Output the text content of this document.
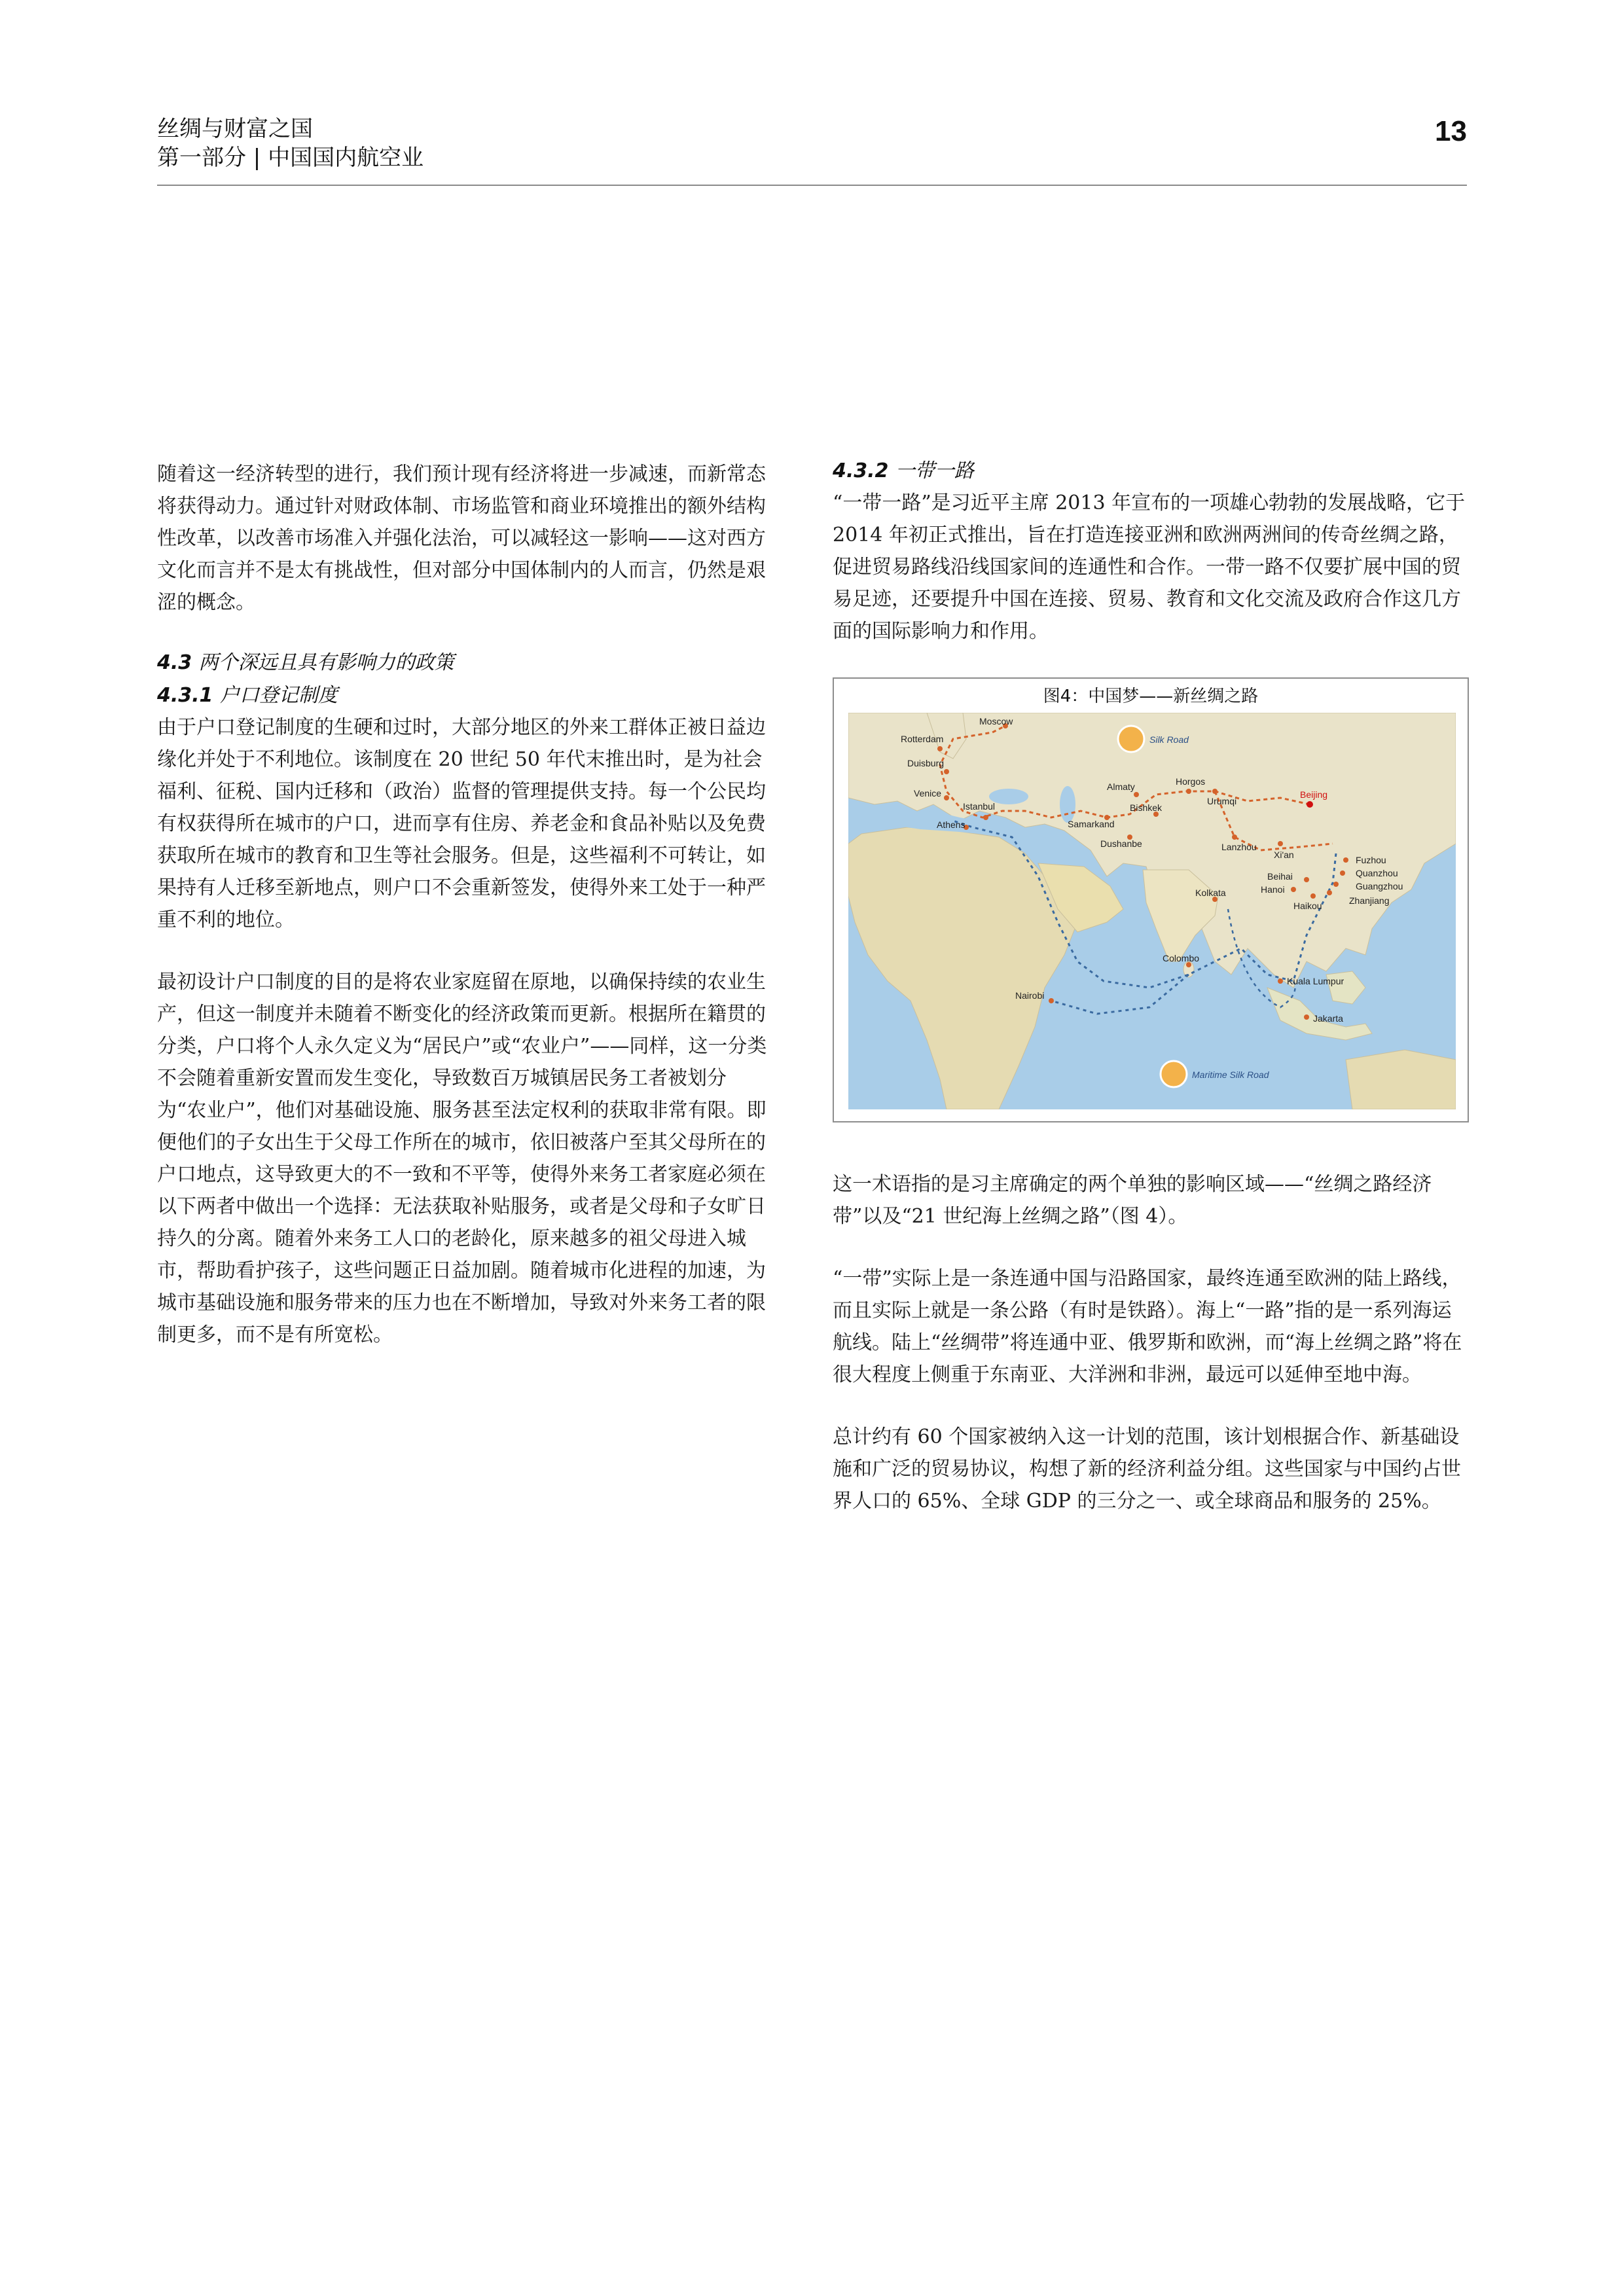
丝绸与财富之国
第一部分 | 中国国内航空业
13

随着这一经济转型的进行，我们预计现有经济将进一步减速，而新常态将获得动力。通过针对财政体制、市场监管和商业环境推出的额外结构性改革，以改善市场准入并强化法治，可以减轻这一影响——这对西方文化而言并不是太有挑战性，但对部分中国体制内的人而言，仍然是艰涩的概念。

4.3 两个深远且具有影响力的政策
4.3.1 户口登记制度

由于户口登记制度的生硬和过时，大部分地区的外来工群体正被日益边缘化并处于不利地位。该制度在 20 世纪 50 年代末推出时，是为社会福利、征税、国内迁移和（政治）监督的管理提供支持。每一个公民均有权获得所在城市的户口，进而享有住房、养老金和食品补贴以及免费获取所在城市的教育和卫生等社会服务。但是，这些福利不可转让，如果持有人迁移至新地点，则户口不会重新签发，使得外来工处于一种严重不利的地位。

最初设计户口制度的目的是将农业家庭留在原地，以确保持续的农业生产，但这一制度并未随着不断变化的经济政策而更新。根据所在籍贯的分类，户口将个人永久定义为“居民户”或“农业户”——同样，这一分类不会随着重新安置而发生变化，导致数百万城镇居民务工者被划分为“农业户”，他们对基础设施、服务甚至法定权利的获取非常有限。即便他们的子女出生于父母工作所在的城市，依旧被落户至其父母所在的户口地点，这导致更大的不一致和不平等，使得外来务工者家庭必须在以下两者中做出一个选择：无法获取补贴服务，或者是父母和子女旷日持久的分离。随着外来务工人口的老龄化，原来越多的祖父母进入城市，帮助看护孩子，这些问题正日益加剧。随着城市化进程的加速，为城市基础设施和服务带来的压力也在不断增加，导致对外来务工者的限制更多，而不是有所宽松。

4.3.2 一带一路

“一带一路”是习近平主席 2013 年宣布的一项雄心勃勃的发展战略，它于 2014 年初正式推出，旨在打造连接亚洲和欧洲两洲间的传奇丝绸之路，促进贸易路线沿线国家间的连通性和合作。一带一路不仅要扩展中国的贸易足迹，还要提升中国在连接、贸易、教育和文化交流及政府合作这几方面的国际影响力和作用。

图4：中国梦——新丝绸之路
Silk Road
Maritime Silk Road
Moscow
Rotterdam
Duisburg
Venice
Istanbul
Athens
Almaty	Horgos
Bishkek
Urumqi
Samarkand
Dushanbe
Beijing
Lanzhou
Xi'an
Kolkata
Colombo
Fuzhou
Quanzhou
Guangzhou
Haikou	Zhanjiang
Beihai
Hanoi
Kuala Lumpur
Jakarta
Nairobi

这一术语指的是习主席确定的两个单独的影响区域——“丝绸之路经济带”以及“21 世纪海上丝绸之路”（图 4）。

“一带”实际上是一条连通中国与沿路国家，最终连通至欧洲的陆上路线，而且实际上就是一条公路（有时是铁路）。海上“一路”指的是一系列海运航线。陆上“丝绸带”将连通中亚、俄罗斯和欧洲，而“海上丝绸之路”将在很大程度上侧重于东南亚、大洋洲和非洲，最远可以延伸至地中海。

总计约有 60 个国家被纳入这一计划的范围，该计划根据合作、新基础设施和广泛的贸易协议，构想了新的经济利益分组。这些国家与中国约占世界人口的 65%、全球 GDP 的三分之一、或全球商品和服务的 25%。
